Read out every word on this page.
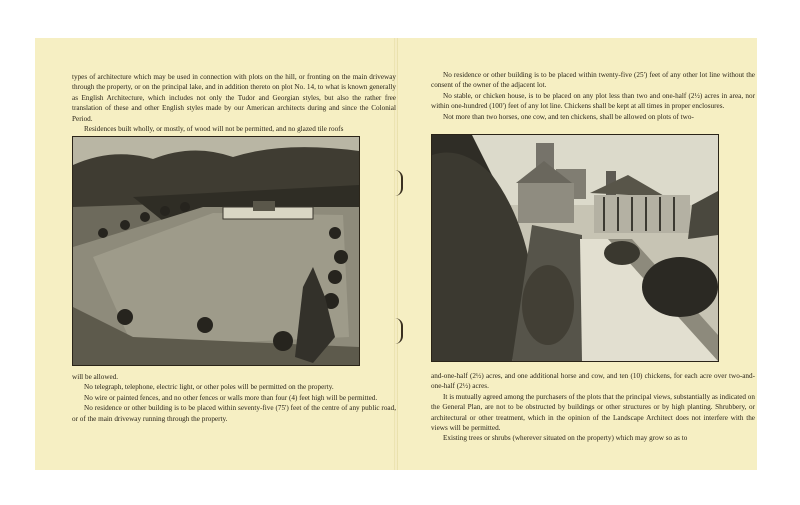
types of architecture which may be used in connection with plots on the hill, or fronting on the main driveway through the property, or on the principal lake, and in addition thereto on plot No. 14, to what is known generally as English Architecture, which includes not only the Tudor and Georgian styles, but also the rather free translation of these and other English styles made by our American architects during and since the Colonial Period.

Residences built wholly, or mostly, of wood will not be permitted, and no glazed tile roofs

will be allowed.

No telegraph, telephone, electric light, or other poles will be permitted on the property.

No wire or painted fences, and no other fences or walls more than four (4) feet high will be permitted.

No residence or other building is to be placed within seventy-five (75') feet of the centre of any public road, or of the main driveway running through the property.

No residence or other building is to be placed within twenty-five (25') feet of any other lot line without the consent of the owner of the adjacent lot.

No stable, or chicken house, is to be placed on any plot less than two and one-half (2½) acres in area, nor within one-hundred (100') feet of any lot line. Chickens shall be kept at all times in proper enclosures.

Not more than two horses, one cow, and ten chickens, shall be allowed on plots of two-

and-one-half (2½) acres, and one additional horse and cow, and ten (10) chickens, for each acre over two-and-one-half (2½) acres.

It is mutually agreed among the purchasers of the plots that the principal views, substantially as indicated on the General Plan, are not to be obstructed by buildings or other structures or by high planting. Shrubbery, or architectural or other treatment, which in the opinion of the Landscape Architect does not interfere with the views will be permitted.

Existing trees or shrubs (wherever situated on the property) which may grow so as to
